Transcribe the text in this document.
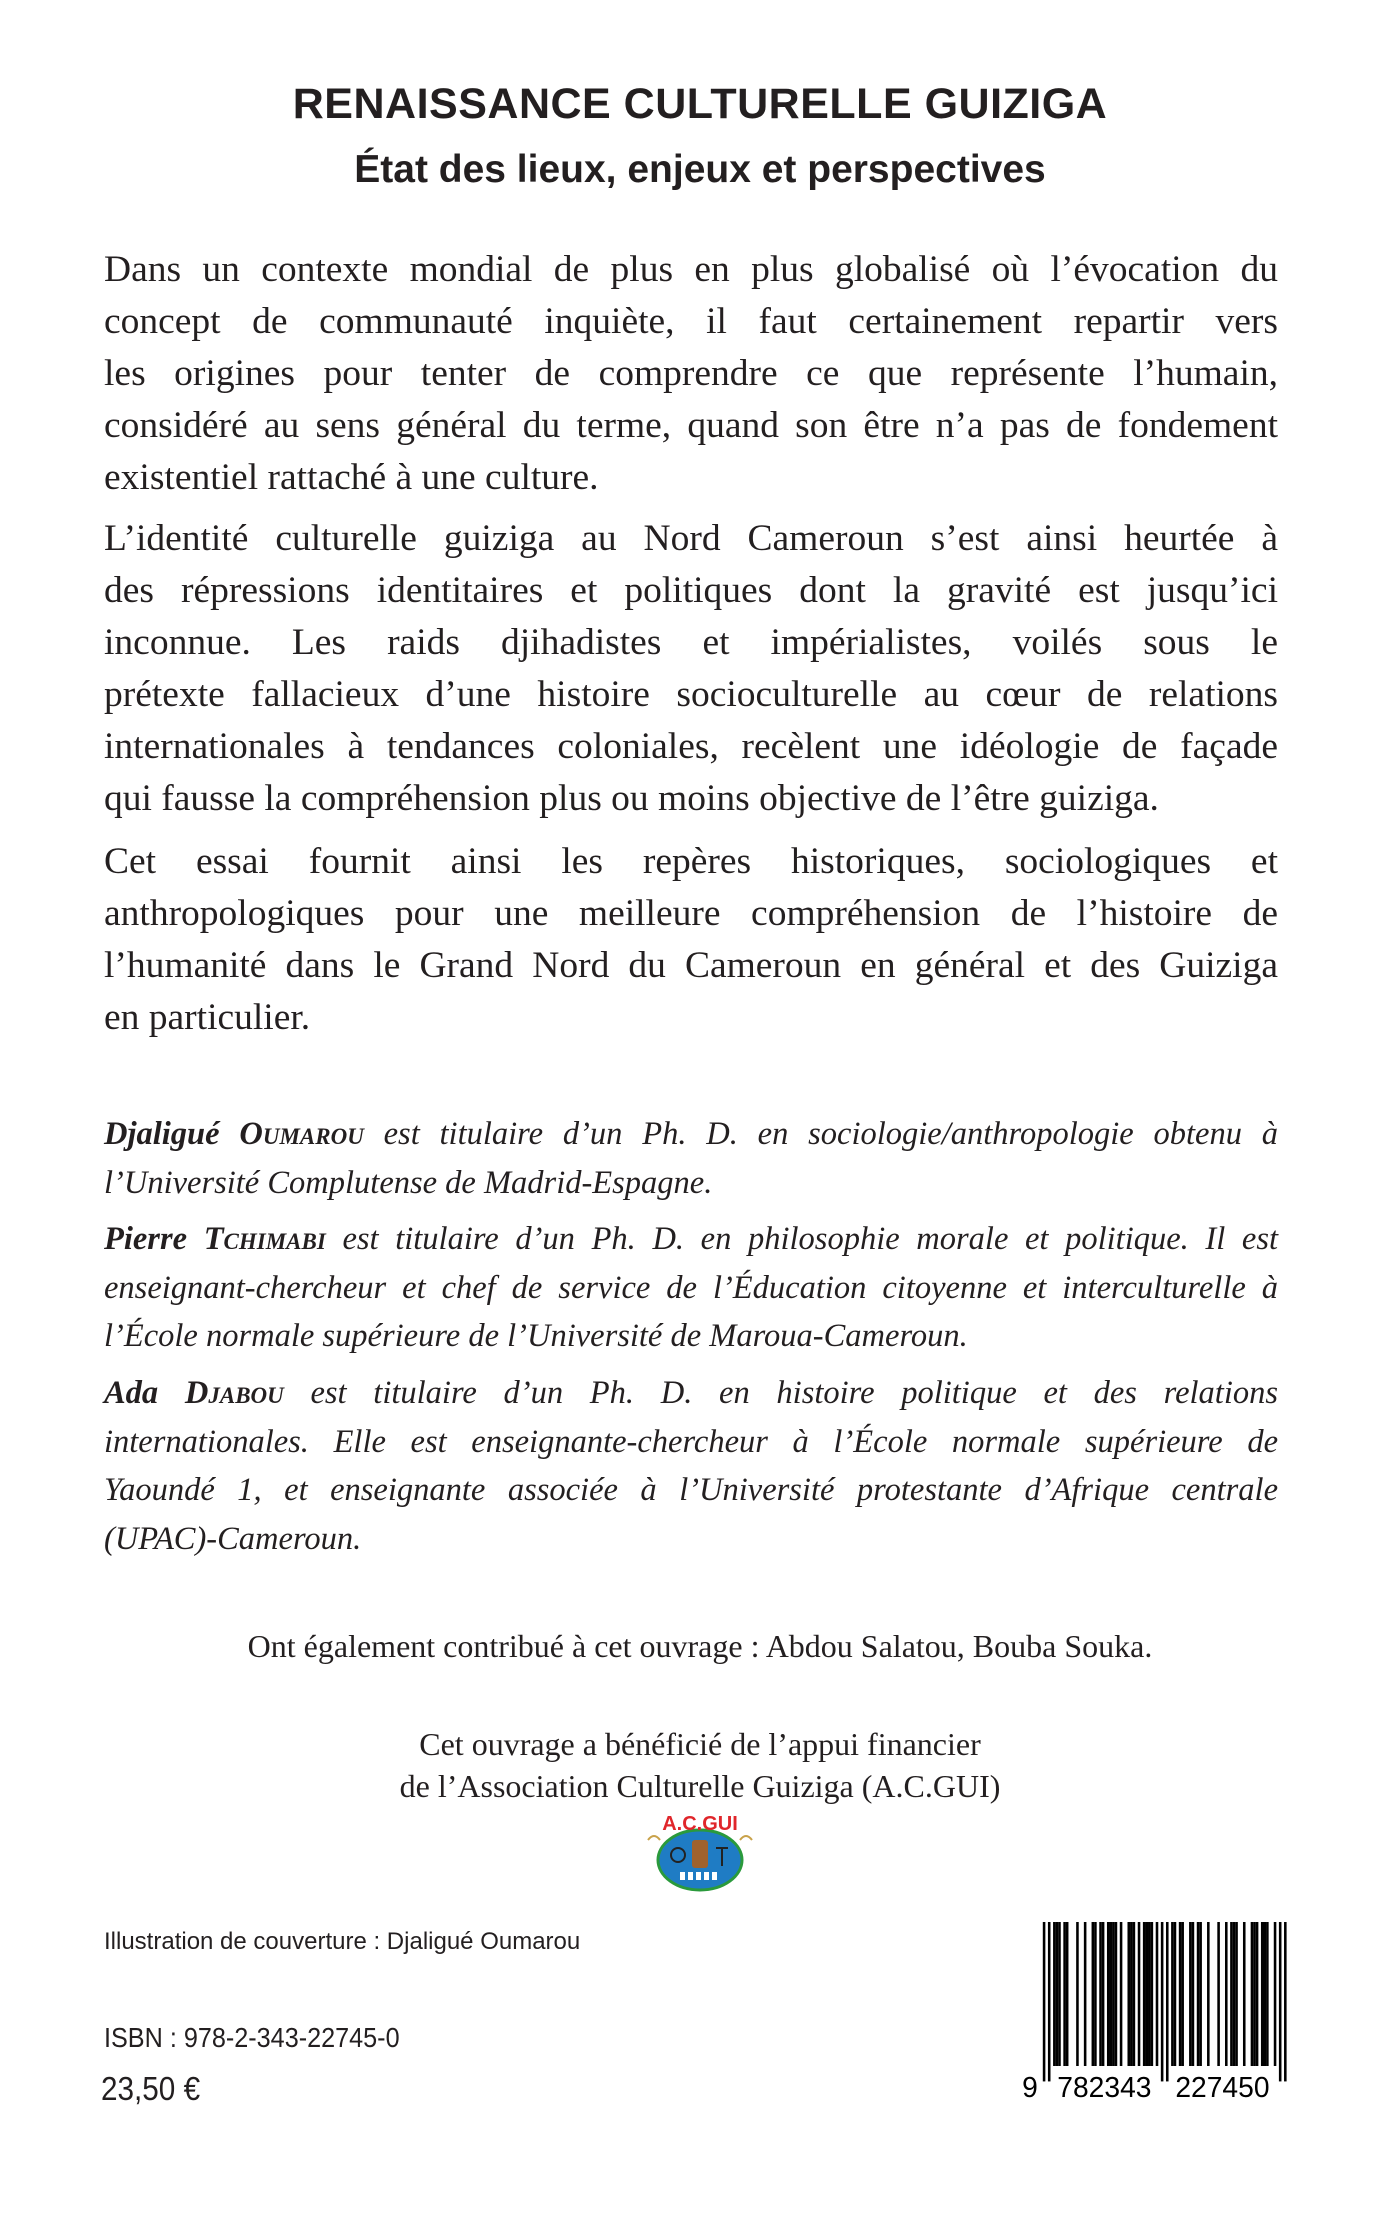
RENAISSANCE CULTURELLE GUIZIGA
État des lieux, enjeux et perspectives
Dans un contexte mondial de plus en plus globalisé où l’évocation du
concept de communauté inquiète, il faut certainement repartir vers
les origines pour tenter de comprendre ce que représente l’humain,
considéré au sens général du terme, quand son être n’a pas de fondement
existentiel rattaché à une culture.
L’identité culturelle guiziga au Nord Cameroun s’est ainsi heurtée à
des répressions identitaires et politiques dont la gravité est jusqu’ici
inconnue. Les raids djihadistes et impérialistes, voilés sous le
prétexte fallacieux d’une histoire socioculturelle au cœur de relations
internationales à tendances coloniales, recèlent une idéologie de façade
qui fausse la compréhension plus ou moins objective de l’être guiziga.
Cet essai fournit ainsi les repères historiques, sociologiques et
anthropologiques pour une meilleure compréhension de l’histoire de
l’humanité dans le Grand Nord du Cameroun en général et des Guiziga
en particulier.
Djaligué Oumarou est titulaire d’un Ph. D. en sociologie/anthropologie obtenu à
l’Université Complutense de Madrid-Espagne.
Pierre Tchimabi est titulaire d’un Ph. D. en philosophie morale et politique. Il est
enseignant-chercheur et chef de service de l’Éducation citoyenne et interculturelle à
l’École normale supérieure de l’Université de Maroua-Cameroun.
Ada Djabou est titulaire d’un Ph. D. en histoire politique et des relations
internationales. Elle est enseignante-chercheur à l’École normale supérieure de
Yaoundé 1, et enseignante associée à l’Université protestante d’Afrique centrale
(UPAC)-Cameroun.
Ont également contribué à cet ouvrage : Abdou Salatou, Bouba Souka.
Cet ouvrage a bénéficié de l’appui financier
de l’Association Culturelle Guiziga (A.C.GUI)
A.C.GUI
Illustration de couverture : Djaligué Oumarou
ISBN : 978-2-343-22745-0
23,50 €	9 782343 227450
